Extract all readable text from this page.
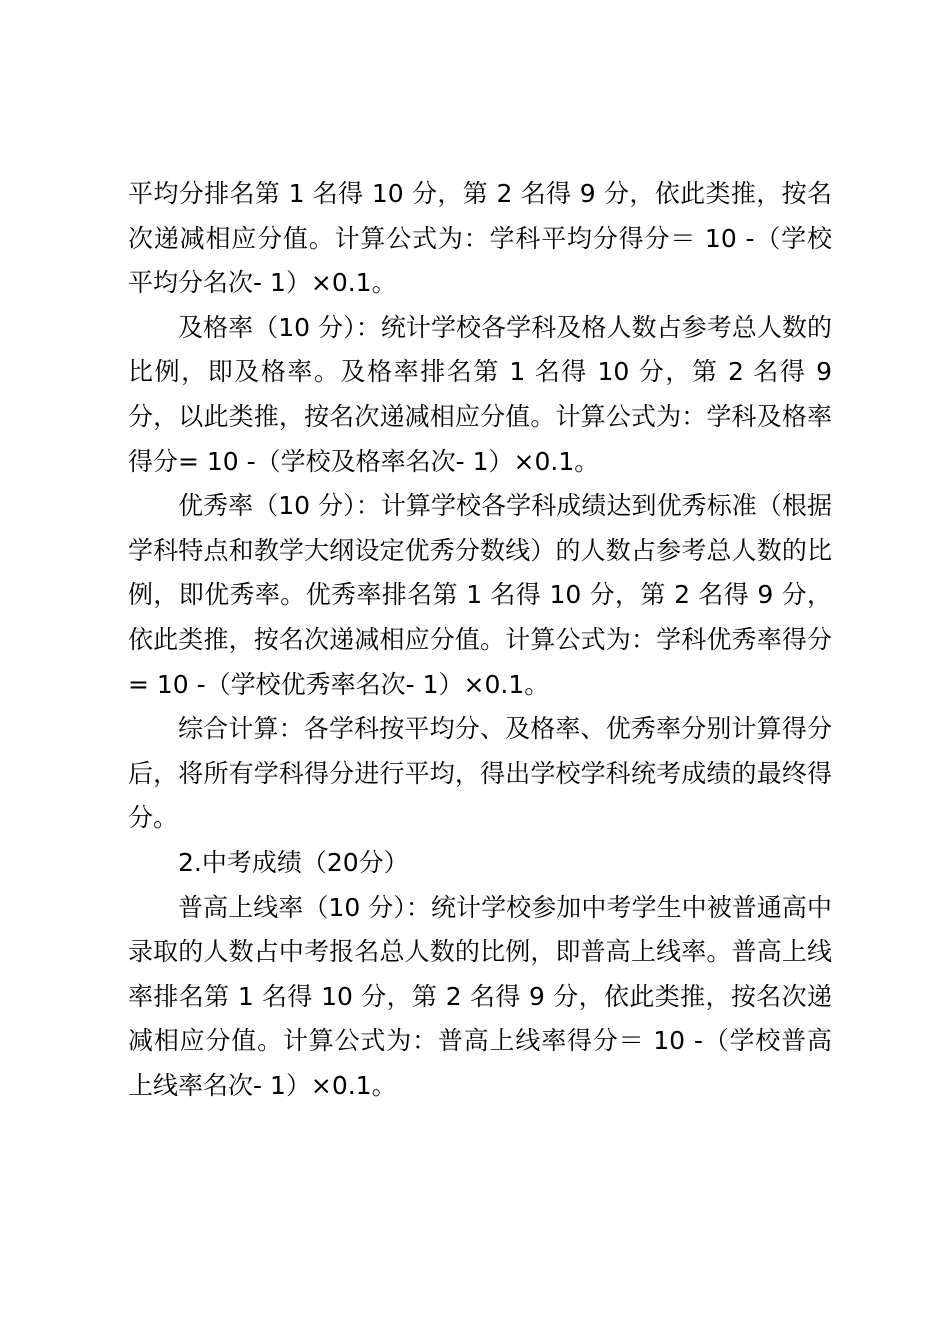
平均分排名第 1 名得 10 分，第 2 名得 9 分，依此类推，按名次递减相应分值。计算公式为：学科平均分得分＝ 10 -（学校平均分名次- 1）×0.1。

及格率（10 分）：统计学校各学科及格人数占参考总人数的比例，即及格率。及格率排名第 1 名得 10 分，第 2 名得 9 分，以此类推，按名次递减相应分值。计算公式为：学科及格率得分= 10 -（学校及格率名次- 1）×0.1。

优秀率（10 分）：计算学校各学科成绩达到优秀标准（根据学科特点和教学大纲设定优秀分数线）的人数占参考总人数的比例，即优秀率。优秀率排名第 1 名得 10 分，第 2 名得 9 分，依此类推，按名次递减相应分值。计算公式为：学科优秀率得分= 10 -（学校优秀率名次- 1）×0.1。

综合计算：各学科按平均分、及格率、优秀率分别计算得分后，将所有学科得分进行平均，得出学校学科统考成绩的最终得分。

2.中考成绩（20分）

普高上线率（10 分）：统计学校参加中考学生中被普通高中录取的人数占中考报名总人数的比例，即普高上线率。普高上线率排名第 1 名得 10 分，第 2 名得 9 分，依此类推，按名次递减相应分值。计算公式为：普高上线率得分＝ 10 -（学校普高上线率名次- 1）×0.1。
